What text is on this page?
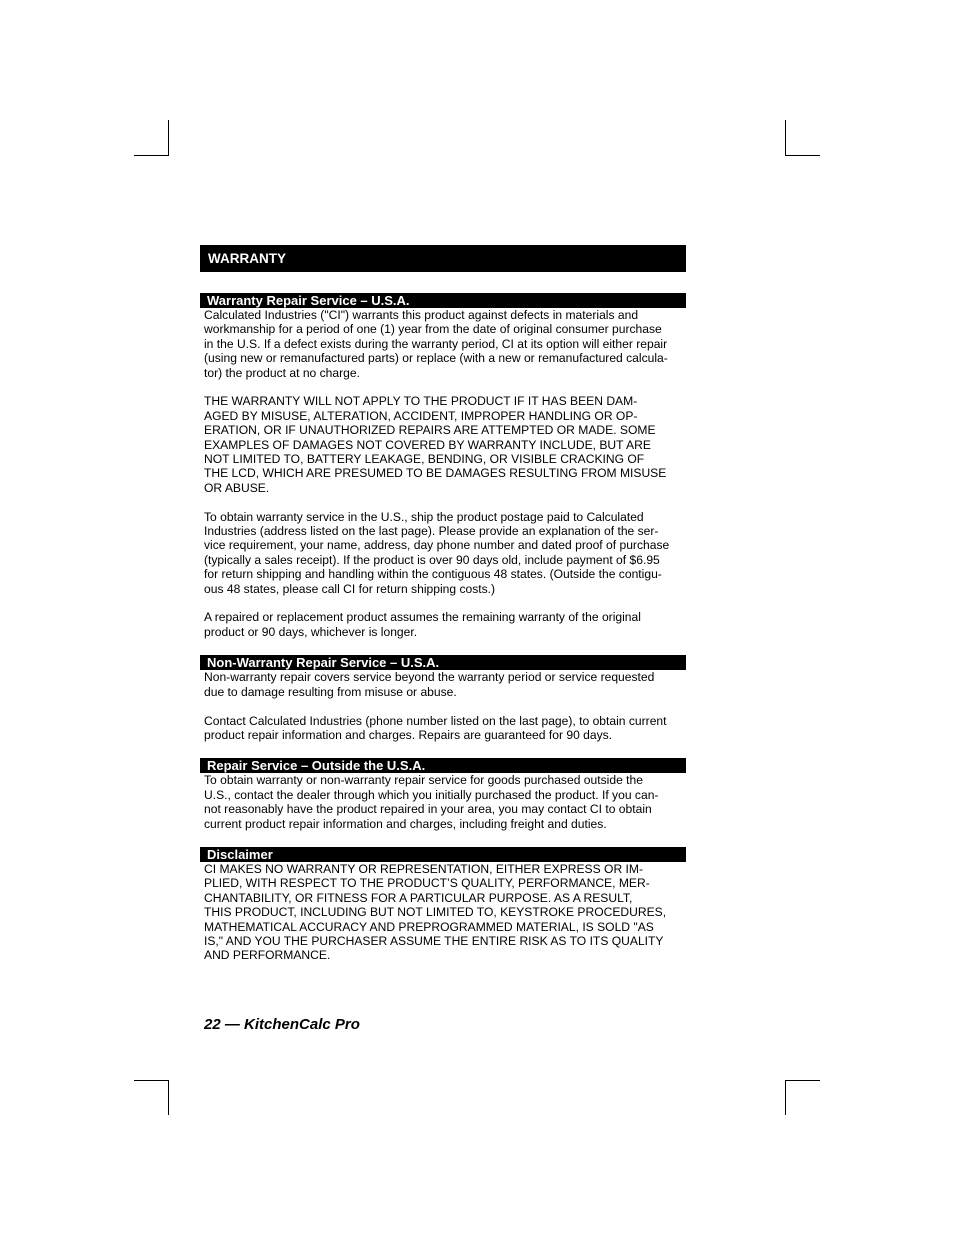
WARRANTY
Warranty Repair Service – U.S.A.
Calculated Industries ("CI") warrants this product against defects in materials and
workmanship for a period of one (1) year from the date of original consumer purchase
in the U.S. If a defect exists during the warranty period, CI at its option will either repair
(using new or remanufactured parts) or replace (with a new or remanufactured calcula-
tor) the product at no charge.
THE WARRANTY WILL NOT APPLY TO THE PRODUCT IF IT HAS BEEN DAM-
AGED BY MISUSE, ALTERATION, ACCIDENT, IMPROPER HANDLING OR OP-
ERATION, OR IF UNAUTHORIZED REPAIRS ARE ATTEMPTED OR MADE. SOME
EXAMPLES OF DAMAGES NOT COVERED BY WARRANTY INCLUDE, BUT ARE
NOT LIMITED TO, BATTERY LEAKAGE, BENDING, OR VISIBLE CRACKING OF
THE LCD, WHICH ARE PRESUMED TO BE DAMAGES RESULTING FROM MISUSE
OR ABUSE.
To obtain warranty service in the U.S., ship the product postage paid to Calculated
Industries (address listed on the last page). Please provide an explanation of the ser-
vice requirement, your name, address, day phone number and dated proof of purchase
(typically a sales receipt). If the product is over 90 days old, include payment of $6.95
for return shipping and handling within the contiguous 48 states. (Outside the contigu-
ous 48 states, please call CI for return shipping costs.)
A repaired or replacement product assumes the remaining warranty of the original
product or 90 days, whichever is longer.
Non-Warranty Repair Service – U.S.A.
Non-warranty repair covers service beyond the warranty period or service requested
due to damage resulting from misuse or abuse.
Contact Calculated Industries (phone number listed on the last page), to obtain current
product repair information and charges. Repairs are guaranteed for 90 days.
Repair Service – Outside the U.S.A.
To obtain warranty or non-warranty repair service for goods purchased outside the
U.S., contact the dealer through which you initially purchased the product. If you can-
not reasonably have the product repaired in your area, you may contact CI to obtain
current product repair information and charges, including freight and duties.
Disclaimer
CI MAKES NO WARRANTY OR REPRESENTATION, EITHER EXPRESS OR IM-
PLIED, WITH RESPECT TO THE PRODUCT’S QUALITY, PERFORMANCE, MER-
CHANTABILITY, OR FITNESS FOR A PARTICULAR PURPOSE. AS A RESULT,
THIS PRODUCT, INCLUDING BUT NOT LIMITED TO, KEYSTROKE PROCEDURES,
MATHEMATICAL ACCURACY AND PREPROGRAMMED MATERIAL, IS SOLD "AS
IS," AND YOU THE PURCHASER ASSUME THE ENTIRE RISK AS TO ITS QUALITY
AND PERFORMANCE.
22 — KitchenCalc Pro
